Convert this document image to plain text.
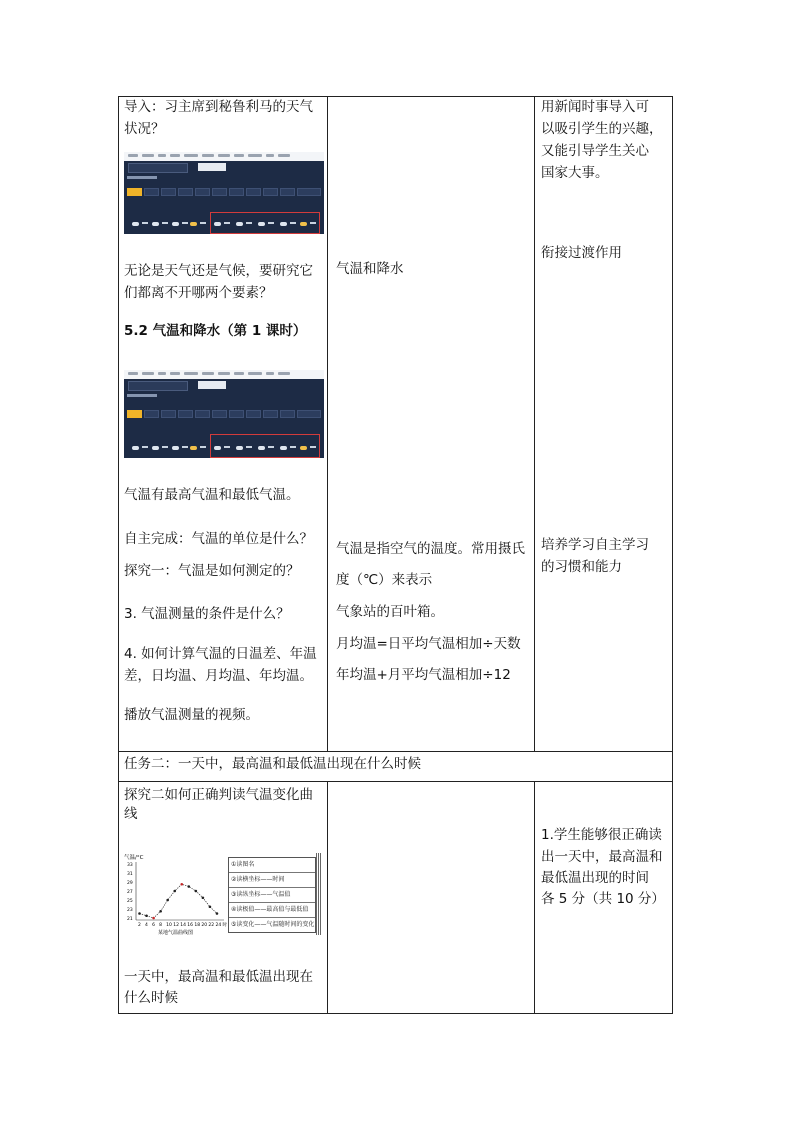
导入：习主席到秘鲁利马的天气

状况？

无论是天气还是气候，要研究它

们都离不开哪两个要素？

5.2 气温和降水（第 1 课时）

气温有最高气温和最低气温。

自主完成：气温的单位是什么？

探究一：气温是如何测定的？

3. 气温测量的条件是什么？

4. 如何计算气温的日温差、年温

差，日均温、月均温、年均温。

播放气温测量的视频。

气温和降水

气温是指空气的温度。常用摄氏

度（℃）来表示

气象站的百叶箱。

月均温=日平均气温相加÷天数

年均温+月平均气温相加÷12

用新闻时事导入可

以吸引学生的兴趣，

又能引导学生关心

国家大事。

衔接过渡作用

培养学习自主学习

的习惯和能力

任务二：一天中，最高温和最低温出现在什么时候

探究二如何正确判读气温变化曲

线

气温/°C
33
31
29
27
25
23
21
2 4 6 8 10 12 14 16 18 20 22 24 时
某地气温曲线图
①读图名
②读横坐标——时间
③读纵坐标——气温值
④读极值——最高值与最低值
⑤读变化——气温随时间的变化

一天中，最高温和最低温出现在

什么时候

1.学生能够很正确读

出一天中，最高温和

最低温出现的时间

各 5 分（共 10 分）
